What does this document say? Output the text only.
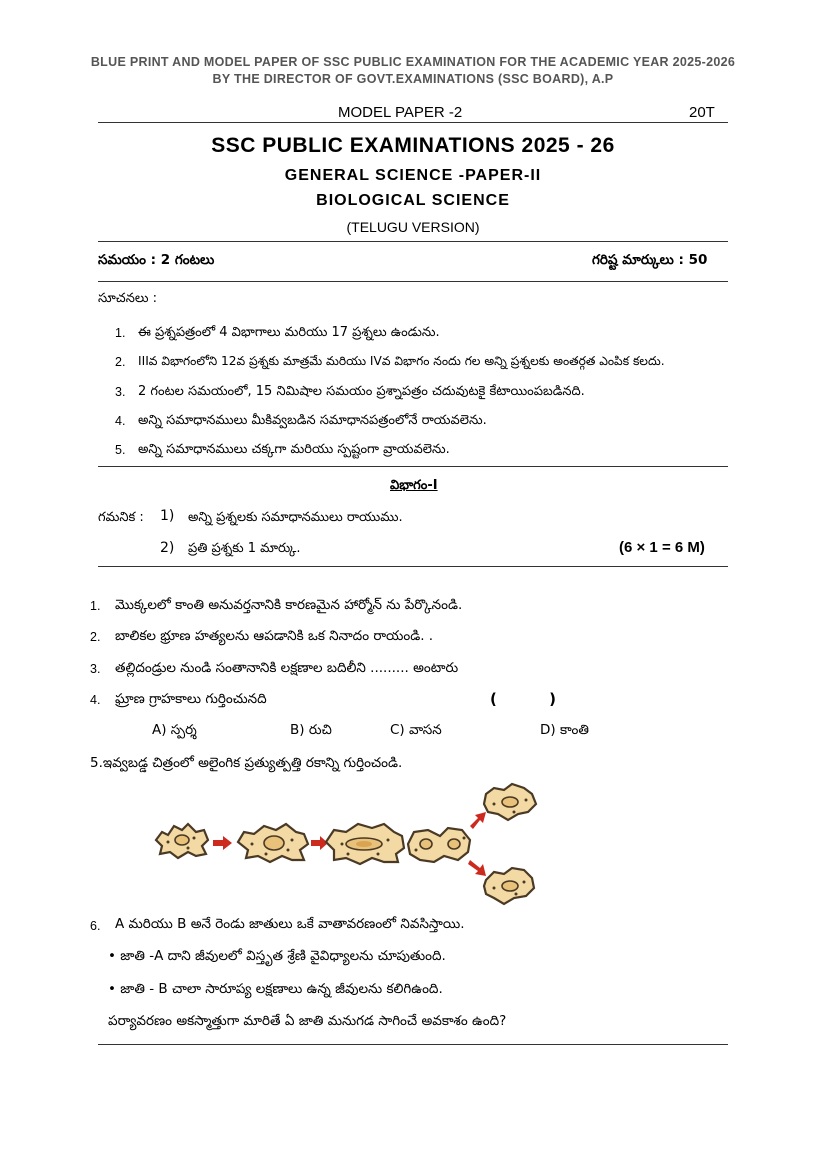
BLUE PRINT AND MODEL PAPER OF SSC PUBLIC EXAMINATION FOR THE ACADEMIC YEAR 2025-2026
BY THE DIRECTOR OF GOVT.EXAMINATIONS (SSC BOARD), A.P
MODEL PAPER -2	20T
SSC PUBLIC EXAMINATIONS 2025 - 26
GENERAL SCIENCE -PAPER-II
BIOLOGICAL SCIENCE
(TELUGU VERSION)
సమయం : 2 గంటలు	గరిష్ట మార్కులు : 50
సూచనలు :
1. ఈ ప్రశ్నపత్రంలో 4 విభాగాలు మరియు 17 ప్రశ్నలు ఉండును.
2. IIIవ విభాగంలోని 12వ ప్రశ్నకు మాత్రమే మరియు IVవ విభాగం నందు గల అన్ని ప్రశ్నలకు అంతర్గత ఎంపిక కలదు.
3. 2 గంటల సమయంలో, 15 నిమిషాల సమయం ప్రశ్నాపత్రం చదువుటకై కేటాయింపబడినది.
4. అన్ని సమాధానములు మీకివ్వబడిన సమాధానపత్రంలోనే రాయవలెను.
5. అన్ని సమాధానములు చక్కగా మరియు స్పష్టంగా వ్రాయవలెను.
విభాగం-I
గమనిక : 1) అన్ని ప్రశ్నలకు సమాధానములు రాయుము.
2) ప్రతి ప్రశ్నకు 1 మార్కు.	(6 × 1 = 6 M)
1. మొక్కలలో కాంతి అనువర్తనానికి కారణమైన హార్మోన్ ను పేర్కొనండి.
2. బాలికల భ్రూణ హత్యలను ఆపడానికి ఒక నినాదం రాయండి. .
3. తల్లిదండ్రుల నుండి సంతానానికి లక్షణాల బదిలీని ......... అంటారు
4. ఘ్రాణ గ్రాహకాలు గుర్తించునది	(          )
A) స్పర్శ	B) రుచి	C) వాసన	D) కాంతి
5.ఇవ్వబడ్డ చిత్రంలో అలైంగిక ప్రత్యుత్పత్తి రకాన్ని గుర్తించండి.
6. A మరియు B అనే రెండు జాతులు ఒకే వాతావరణంలో నివసిస్తాయి.
• జాతి -A దాని జీవులలో విస్తృత శ్రేణి వైవిధ్యాలను చూపుతుంది.
• జాతి - B చాలా సారూప్య లక్షణాలు ఉన్న జీవులను కలిగిఉంది.
పర్యావరణం అకస్మాత్తుగా మారితే ఏ జాతి మనుగడ సాగించే అవకాశం ఉంది?
